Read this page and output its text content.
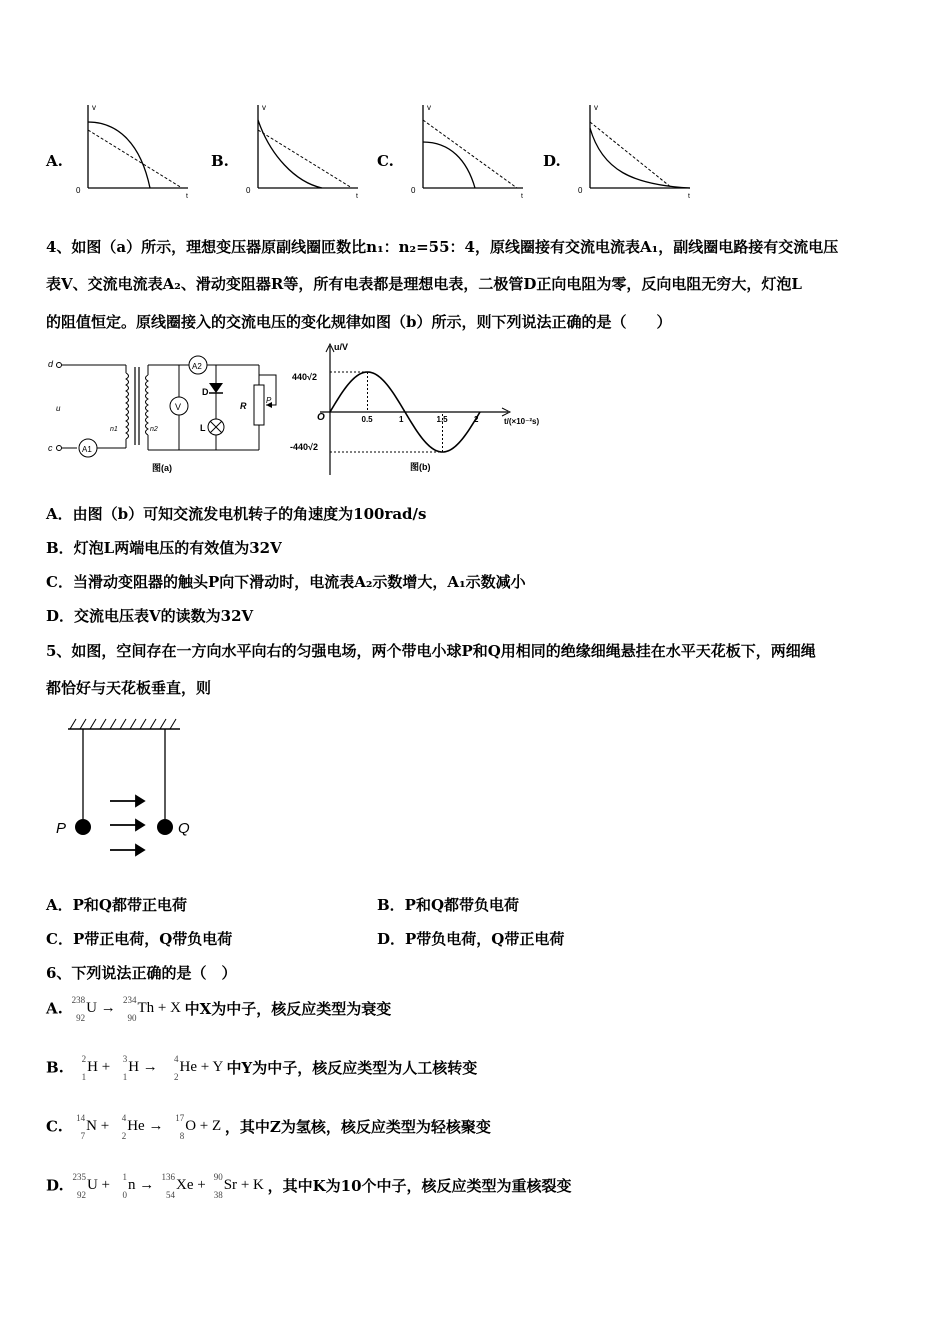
A.
v
t
0
B.
v
t
0
C.
v
t
0
D.
v
t
0
4、如图（a）所示，理想变压器原副线圈匝数比n₁：n₂=55：4，原线圈接有交流电流表A₁，副线圈电路接有交流电压
表V、交流电流表A₂、滑动变阻器R等，所有电表都是理想电表，二极管D正向电阻为零，反向电阻无穷大，灯泡L
的阻值恒定。原线圈接入的交流电压的变化规律如图（b）所示，则下列说法正确的是（　　）
d
c
u
A1
n1	n2
A2
V
D
L
R
P
图(a)
u/V
t/(×10⁻²s)
O
440√2
-440√2
0.5	1	1.5	2
图(b)
A．由图（b）可知交流发电机转子的角速度为100rad/s
B．灯泡L两端电压的有效值为32V
C．当滑动变阻器的触头P向下滑动时，电流表A₂示数增大，A₁示数减小
D．交流电压表V的读数为32V
5、如图，空间存在一方向水平向右的匀强电场，两个带电小球P和Q用相同的绝缘细绳悬挂在水平天花板下，两细绳
都恰好与天花板垂直，则
P	Q
A．P和Q都带正电荷	B．P和Q都带负电荷
C．P带正电荷，Q带负电荷	D．P带负电荷，Q带正电荷
6、下列说法正确的是（　）
A. 238
92
U →
234
90
Th + X 中X为中子，核反应类型为衰变
B. 2
1
H +
3
1
H →
4
2
He + Y 中Y为中子，核反应类型为人工核转变
C. 14
7
N +
4
2
He →
17
8
O + Z ，其中Z为氢核，核反应类型为轻核聚变
D. 235
92
U +
1
0
n →
136
54
Xe +
90
38
Sr + K ，其中K为10个中子，核反应类型为重核裂变
